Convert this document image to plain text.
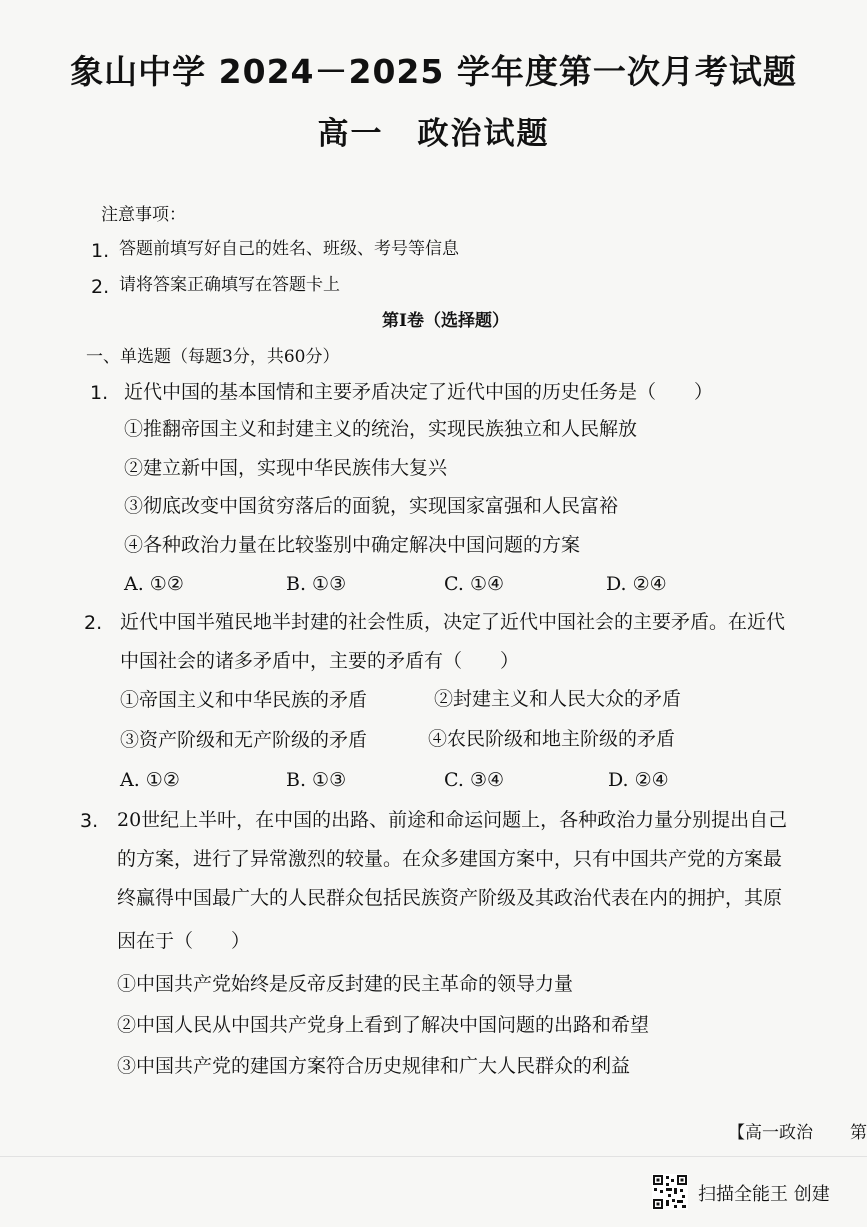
象山中学 2024－2025 学年度第一次月考试题
高一 政治试题
注意事项：
1. 答题前填写好自己的姓名、班级、考号等信息
2. 请将答案正确填写在答题卡上
第I卷（选择题）
一、单选题（每题3分，共60分）
1. 近代中国的基本国情和主要矛盾决定了近代中国的历史任务是（　　）
①推翻帝国主义和封建主义的统治，实现民族独立和人民解放
②建立新中国，实现中华民族伟大复兴
③彻底改变中国贫穷落后的面貌，实现国家富强和人民富裕
④各种政治力量在比较鉴别中确定解决中国问题的方案
A. ①②	B. ①③	C. ①④	D. ②④
2. 近代中国半殖民地半封建的社会性质，决定了近代中国社会的主要矛盾。在近代
中国社会的诸多矛盾中，主要的矛盾有（　　）
①帝国主义和中华民族的矛盾	②封建主义和人民大众的矛盾
③资产阶级和无产阶级的矛盾	④农民阶级和地主阶级的矛盾
A. ①②	B. ①③	C. ③④	D. ②④
3. 20世纪上半叶，在中国的出路、前途和命运问题上，各种政治力量分别提出自己
的方案，进行了异常激烈的较量。在众多建国方案中，只有中国共产党的方案最
终赢得中国最广大的人民群众包括民族资产阶级及其政治代表在内的拥护，其原
因在于（　　）
①中国共产党始终是反帝反封建的民主革命的领导力量
②中国人民从中国共产党身上看到了解决中国问题的出路和希望
③中国共产党的建国方案符合历史规律和广大人民群众的利益
【高一政治 第
扫描全能王 创建
